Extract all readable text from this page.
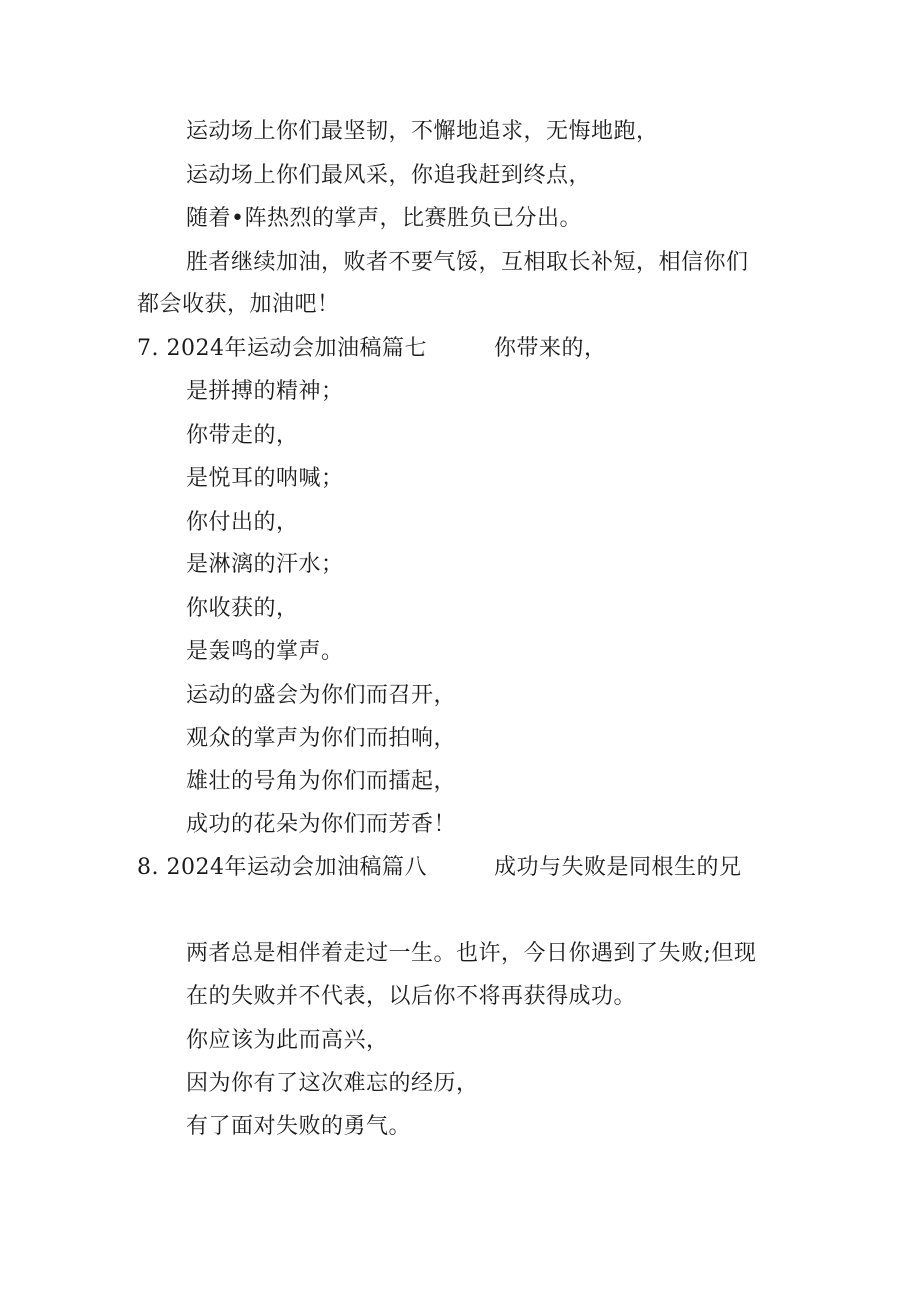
运动场上你们最坚韧，不懈地追求，无悔地跑，
运动场上你们最风采，你追我赶到终点，
随着•阵热烈的掌声，比赛胜负已分出。
胜者继续加油，败者不要气馁，互相取长补短，相信你们
都会收获，加油吧！
7. 2024年运动会加油稿篇七	你带来的，
是拼搏的精神；
你带走的，
是悦耳的呐喊；
你付出的，
是淋漓的汗水；
你收获的，
是轰鸣的掌声。
运动的盛会为你们而召开，
观众的掌声为你们而拍响，
雄壮的号角为你们而擂起，
成功的花朵为你们而芳香！
8. 2024年运动会加油稿篇八	成功与失败是同根生的兄
两者总是相伴着走过一生。也许，今日你遇到了失败;但现
在的失败并不代表，以后你不将再获得成功。
你应该为此而高兴，
因为你有了这次难忘的经历，
有了面对失败的勇气。
